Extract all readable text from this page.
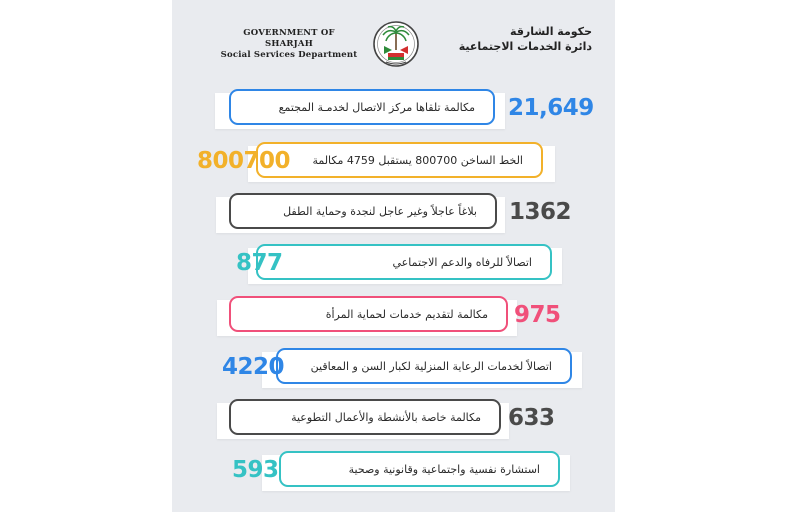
GOVERNMENT OF SHARJAH
Social Services Department
حكومة الشارقة
دائرة الخدمات الاجتماعية
مكالمة تلقاها مركز الاتصال لخدمـة المجتمع 21,649
الخط الساخن 800700 يستقبل 4759 مكالمة
800700
بلاغاً عاجلاً وغير عاجل لنجدة وحماية الطفل 1362
اتصالاً للرفاه والدعم الاجتماعي
877
مكالمة لتقديم خدمات لحماية المرأة 975
اتصالاً لخدمات الرعاية المنزلية لكبار السن و المعاقين
4220
مكالمة خاصة بالأنشطة والأعمال التطوعية 633
استشارة نفسية واجتماعية وقانونية وصحية
593
